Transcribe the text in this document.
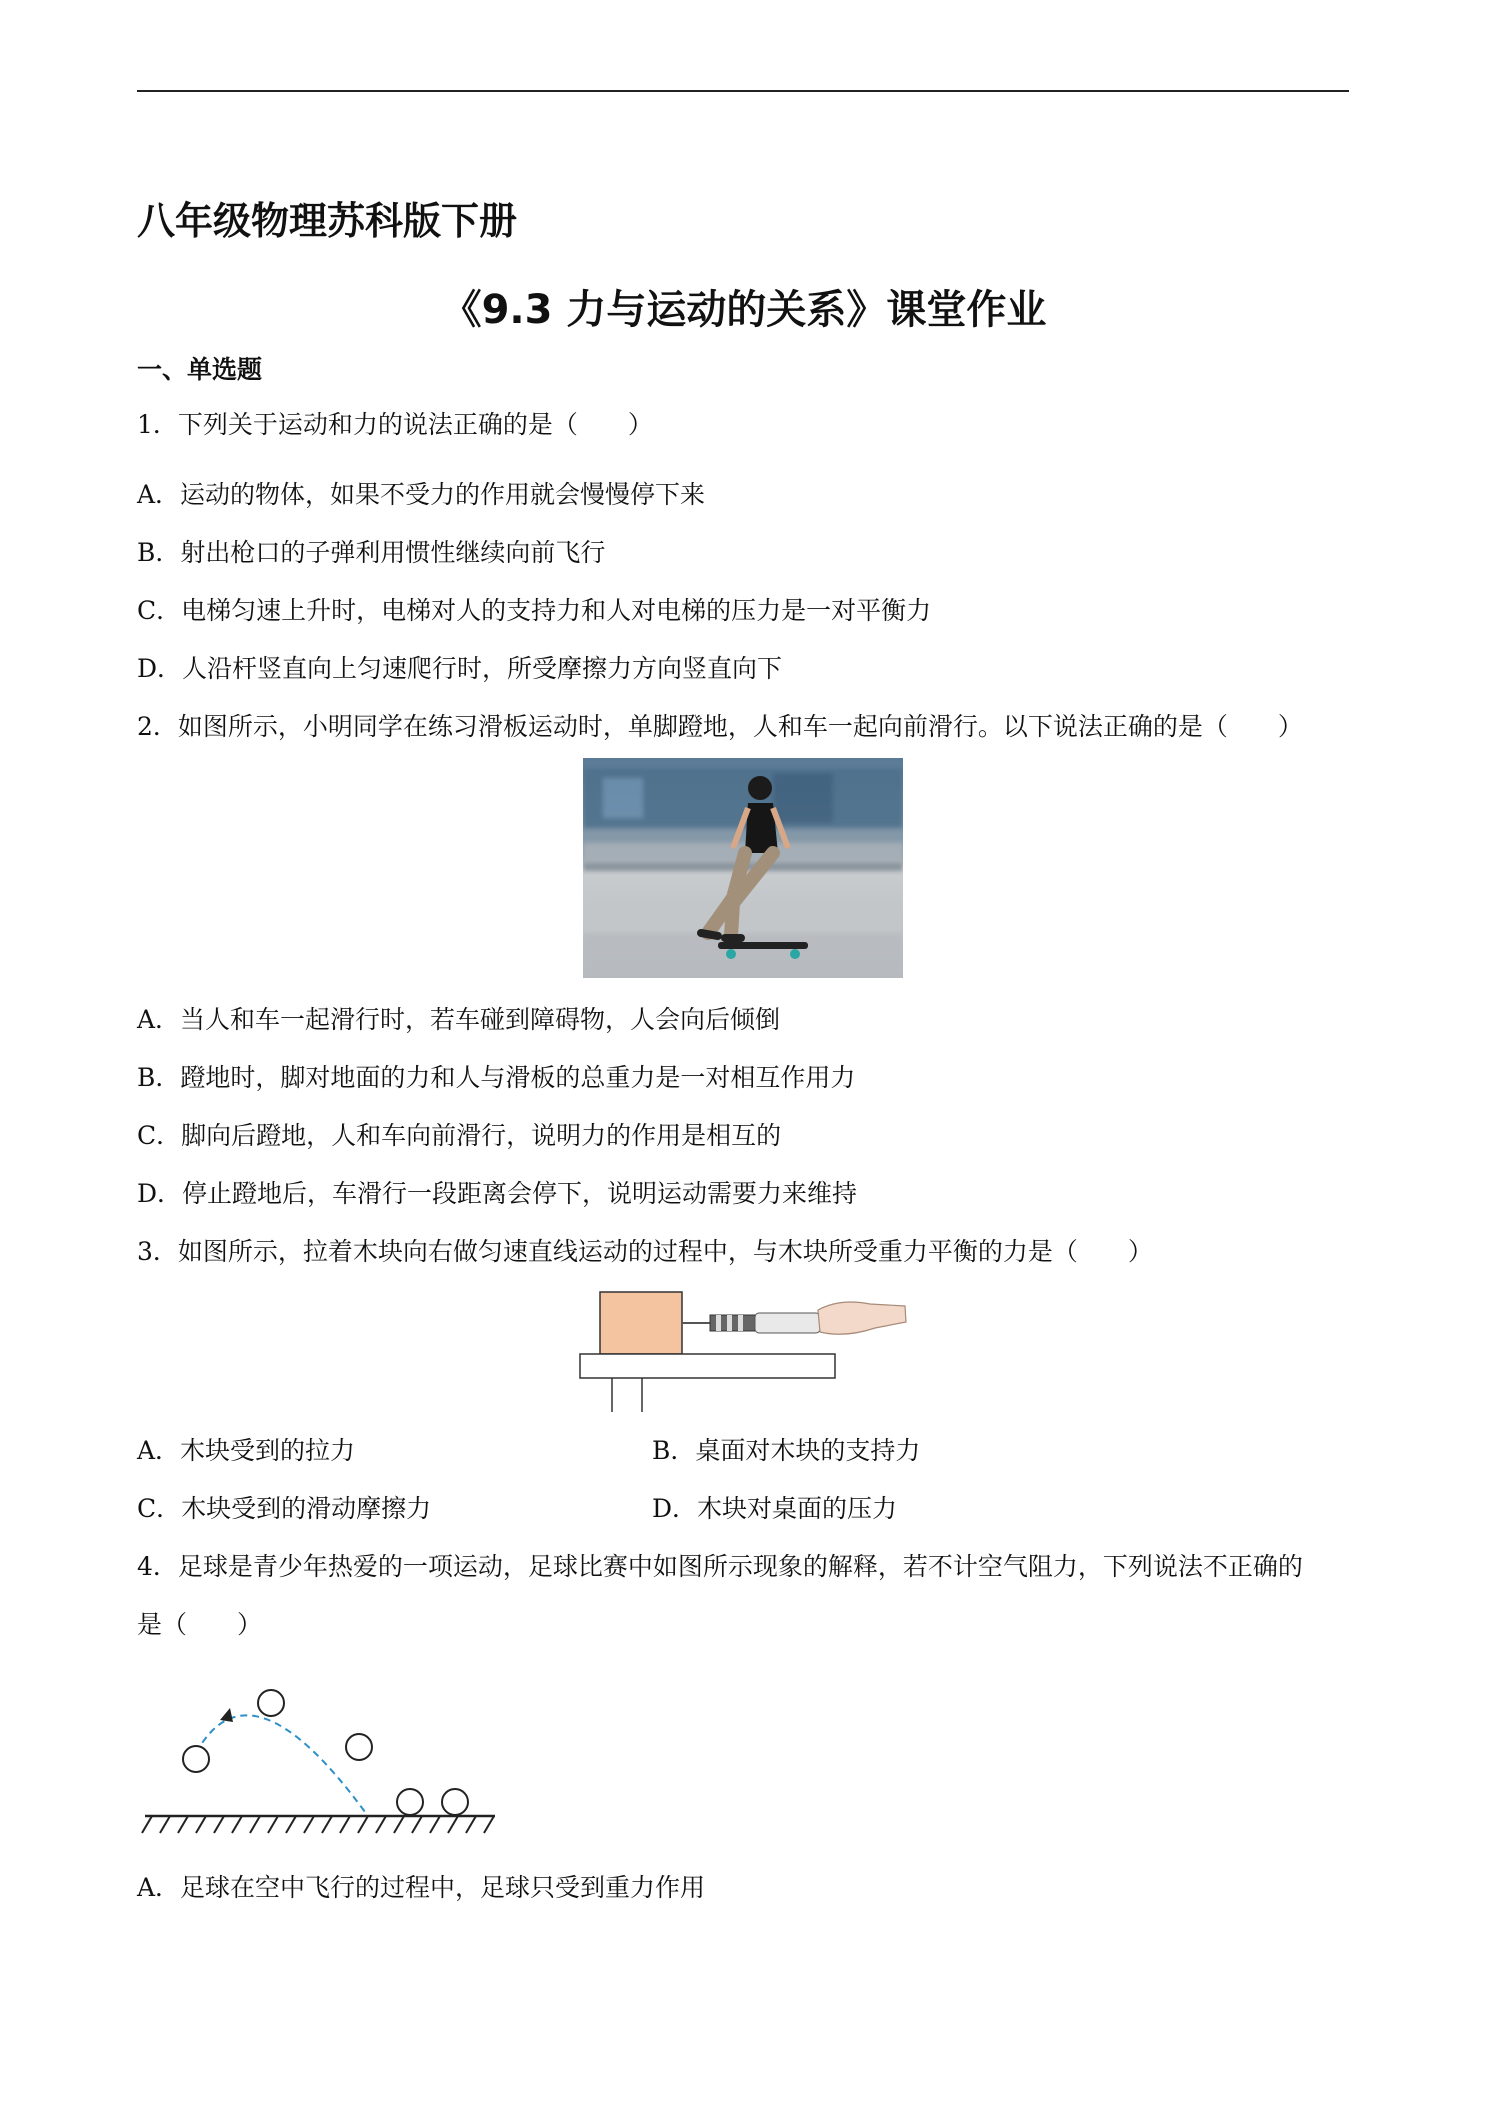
八年级物理苏科版下册
《9.3 力与运动的关系》课堂作业
一、单选题
1．下列关于运动和力的说法正确的是（　　）
A．运动的物体，如果不受力的作用就会慢慢停下来
B．射出枪口的子弹利用惯性继续向前飞行
C．电梯匀速上升时，电梯对人的支持力和人对电梯的压力是一对平衡力
D．人沿杆竖直向上匀速爬行时，所受摩擦力方向竖直向下
2．如图所示，小明同学在练习滑板运动时，单脚蹬地，人和车一起向前滑行。以下说法正确的是（　　）
A．当人和车一起滑行时，若车碰到障碍物，人会向后倾倒
B．蹬地时，脚对地面的力和人与滑板的总重力是一对相互作用力
C．脚向后蹬地，人和车向前滑行，说明力的作用是相互的
D．停止蹬地后，车滑行一段距离会停下，说明运动需要力来维持
3．如图所示，拉着木块向右做匀速直线运动的过程中，与木块所受重力平衡的力是（　　）
A．木块受到的拉力	B．桌面对木块的支持力
C．木块受到的滑动摩擦力	D．木块对桌面的压力
4．足球是青少年热爱的一项运动，足球比赛中如图所示现象的解释，若不计空气阻力，下列说法不正确的
是（　　）
A．足球在空中飞行的过程中，足球只受到重力作用
